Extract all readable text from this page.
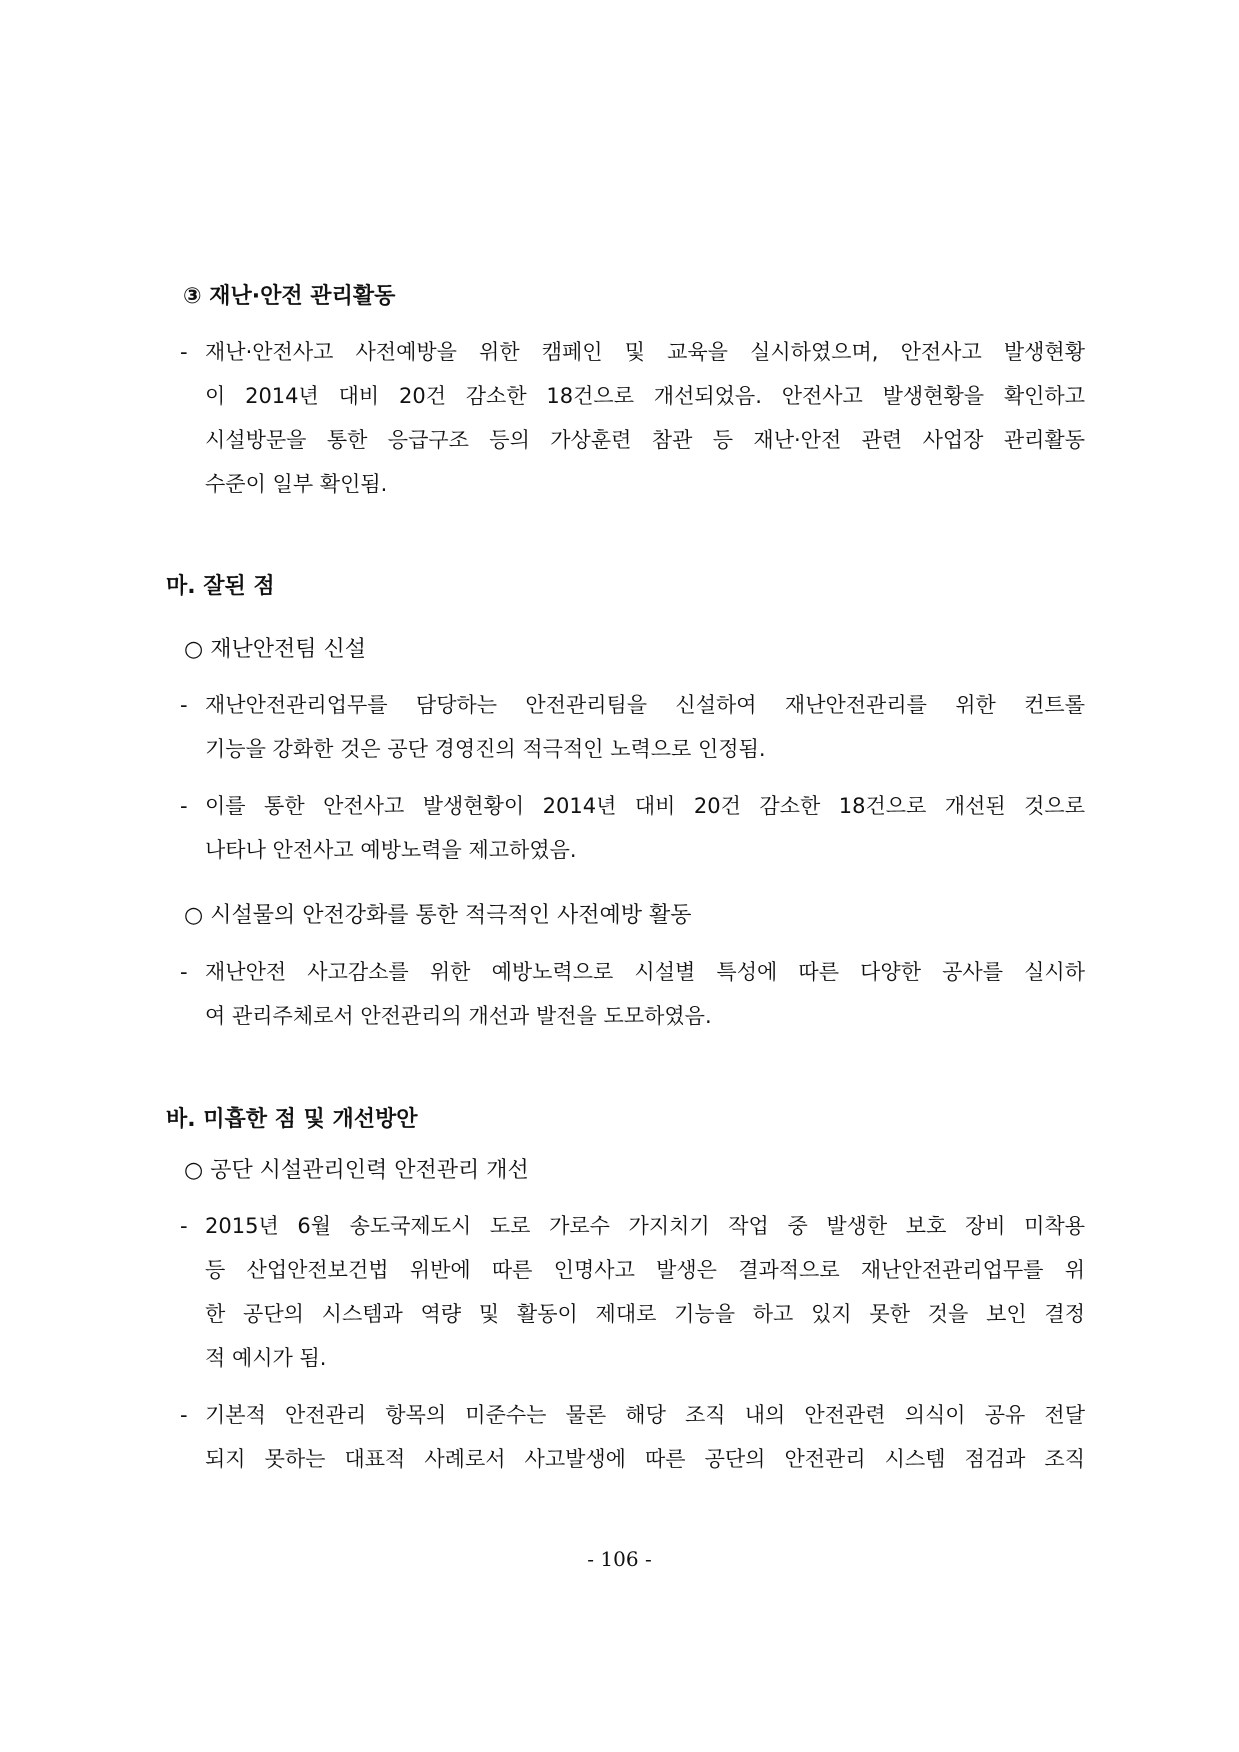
③ 재난·안전 관리활동
- 재난·안전사고 사전예방을 위한 캠페인 및 교육을 실시하였으며, 안전사고 발생현황
이 2014년 대비 20건 감소한 18건으로 개선되었음. 안전사고 발생현황을 확인하고
시설방문을 통한 응급구조 등의 가상훈련 참관 등 재난·안전 관련 사업장 관리활동
수준이 일부 확인됨.
마. 잘된 점
○ 재난안전팀 신설
- 재난안전관리업무를 담당하는 안전관리팀을 신설하여 재난안전관리를 위한 컨트롤
기능을 강화한 것은 공단 경영진의 적극적인 노력으로 인정됨.
- 이를 통한 안전사고 발생현황이 2014년 대비 20건 감소한 18건으로 개선된 것으로
나타나 안전사고 예방노력을 제고하였음.
○ 시설물의 안전강화를 통한 적극적인 사전예방 활동
- 재난안전 사고감소를 위한 예방노력으로 시설별 특성에 따른 다양한 공사를 실시하
여 관리주체로서 안전관리의 개선과 발전을 도모하였음.
바. 미흡한 점 및 개선방안
○ 공단 시설관리인력 안전관리 개선
- 2015년 6월 송도국제도시 도로 가로수 가지치기 작업 중 발생한 보호 장비 미착용
등 산업안전보건법 위반에 따른 인명사고 발생은 결과적으로 재난안전관리업무를 위
한 공단의 시스템과 역량 및 활동이 제대로 기능을 하고 있지 못한 것을 보인 결정
적 예시가 됨.
- 기본적 안전관리 항목의 미준수는 물론 해당 조직 내의 안전관련 의식이 공유 전달
되지 못하는 대표적 사례로서 사고발생에 따른 공단의 안전관리 시스템 점검과 조직
- 106 -
